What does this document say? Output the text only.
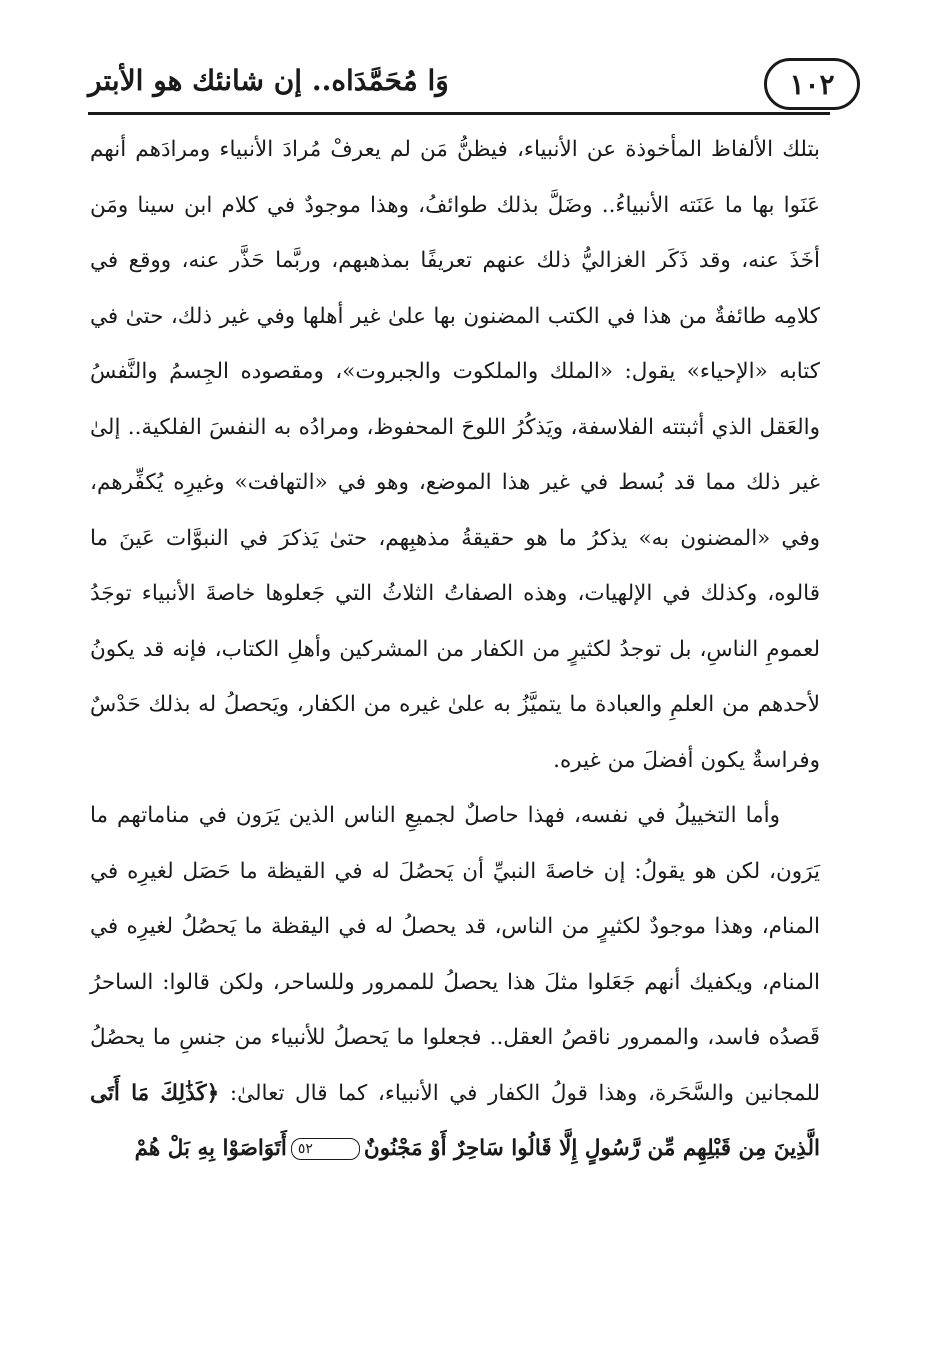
١٠٢
وَا مُحَمَّدَاه.. إن شانئك هو الأبتر

بتلك الألفاظ المأخوذة عن الأنبياء، فيظنُّ مَن لم يعرفْ مُرادَ الأنبياء ومرادَهم أنهم عَنَوا بها ما عَنَته الأنبياءُ.. وضَلَّ بذلك طوائفُ، وهذا موجودٌ في كلام ابن سينا ومَن أخَذَ عنه، وقد ذَكَر الغزاليُّ ذلك عنهم تعريفًا بمذهبهم، وربَّما حَذَّر عنه، ووقع في كلامِه طائفةٌ من هذا في الكتب المضنون بها علىٰ غير أهلها وفي غير ذلك، حتىٰ في كتابه «الإحياء» يقول: «الملك والملكوت والجبروت»، ومقصوده الجِسمُ والنَّفسُ والعَقل الذي أثبتته الفلاسفة، ويَذكُرُ اللوحَ المحفوظ، ومرادُه به النفسَ الفلكية.. إلىٰ غير ذلك مما قد بُسط في غير هذا الموضع، وهو في «التهافت» وغيرِه يُكفِّرهم، وفي «المضنون به» يذكرُ ما هو حقيقةُ مذهبِهم، حتىٰ يَذكرَ في النبوَّات عَينَ ما قالوه، وكذلك في الإلهيات، وهذه الصفاتُ الثلاثُ التي جَعلوها خاصةَ الأنبياء توجَدُ لعمومِ الناسِ، بل توجدُ لكثيرٍ من الكفار من المشركين وأهلِ الكتاب، فإنه قد يكونُ لأحدهم من العلمِ والعبادة ما يتميَّزُ به علىٰ غيره من الكفار، ويَحصلُ له بذلك حَدْسٌ وفراسةٌ يكون أفضلَ من غيره.

وأما التخييلُ في نفسه، فهذا حاصلٌ لجميعِ الناس الذين يَرَون في مناماتهم ما يَرَون، لكن هو يقولُ: إن خاصةَ النبيِّ أن يَحصُلَ له في القيظة ما حَصَل لغيرِه في المنام، وهذا موجودٌ لكثيرٍ من الناس، قد يحصلُ له في اليقظة ما يَحصُلُ لغيرِه في المنام، ويكفيك أنهم جَعَلوا مثلَ هذا يحصلُ للممرور وللساحر، ولكن قالوا: الساحرُ قَصدُه فاسد، والممرور ناقصُ العقل.. فجعلوا ما يَحصلُ للأنبياء من جنسِ ما يحصُلُ للمجانين والسَّحَرة، وهذا قولُ الكفار في الأنبياء، كما قال تعالىٰ: ﴿كَذَٰلِكَ مَا أَتَى الَّذِينَ مِن قَبْلِهِم مِّن رَّسُولٍ إِلَّا قَالُوا سَاحِرٌ أَوْ مَجْنُونٌ٥٢أَتَوَاصَوْا بِهِ بَلْ هُمْ
